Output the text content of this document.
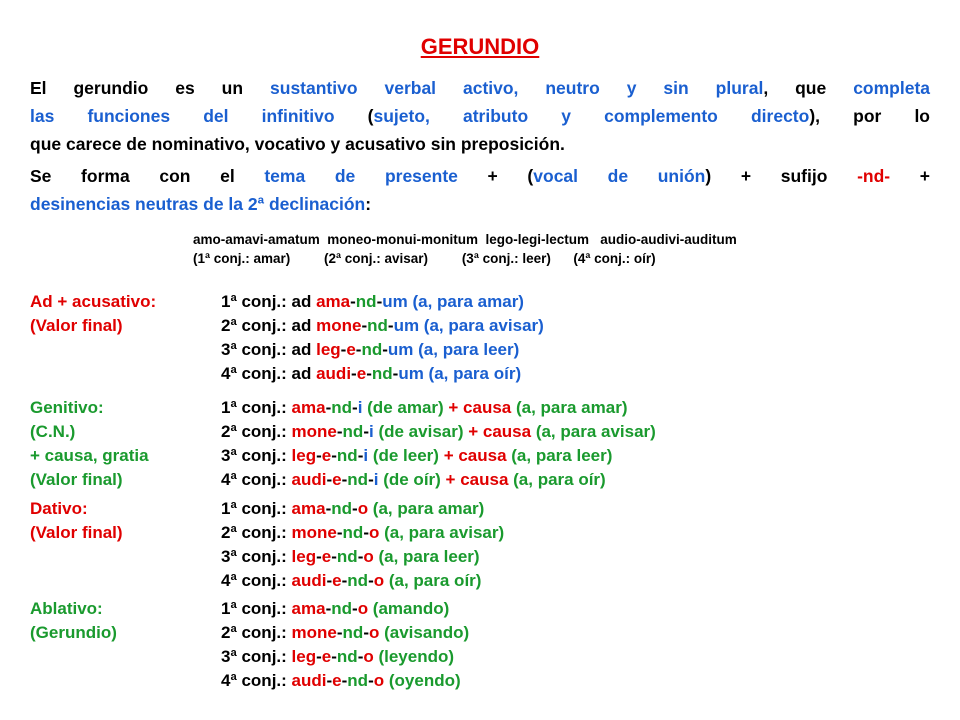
GERUNDIO

El gerundio es un sustantivo verbal activo, neutro y sin plural, que completa
las funciones del infinitivo (sujeto, atributo y complemento directo), por lo
que carece de nominativo, vocativo y acusativo sin preposición.

Se forma con el tema de presente + (vocal de unión) + sufijo -nd- +
desinencias neutras de la 2ª declinación:

amo-amavi-amatum  moneo-monui-monitum  lego-legi-lectum   audio-audivi-auditum
(1ª conj.: amar)         (2ª conj.: avisar)         (3ª conj.: leer)      (4ª conj.: oír)
Ad + acusativo:	1ª conj.: ad ama-nd-um (a, para amar)
(Valor final)	2ª conj.: ad mone-nd-um (a, para avisar)
3ª conj.: ad leg-e-nd-um (a, para leer)
4ª conj.: ad audi-e-nd-um (a, para oír)
Genitivo:	1ª conj.: ama-nd-i (de amar) + causa (a, para amar)
(C.N.)	2ª conj.: mone-nd-i (de avisar) + causa (a, para avisar)
+ causa, gratia	3ª conj.: leg-e-nd-i (de leer) + causa (a, para leer)
(Valor final)	4ª conj.: audi-e-nd-i (de oír) + causa (a, para oír)
Dativo:	1ª conj.: ama-nd-o (a, para amar)
(Valor final)	2ª conj.: mone-nd-o (a, para avisar)
3ª conj.: leg-e-nd-o (a, para leer)
4ª conj.: audi-e-nd-o (a, para oír)
Ablativo:	1ª conj.: ama-nd-o (amando)
(Gerundio)	2ª conj.: mone-nd-o (avisando)
3ª conj.: leg-e-nd-o (leyendo)
4ª conj.: audi-e-nd-o (oyendo)
